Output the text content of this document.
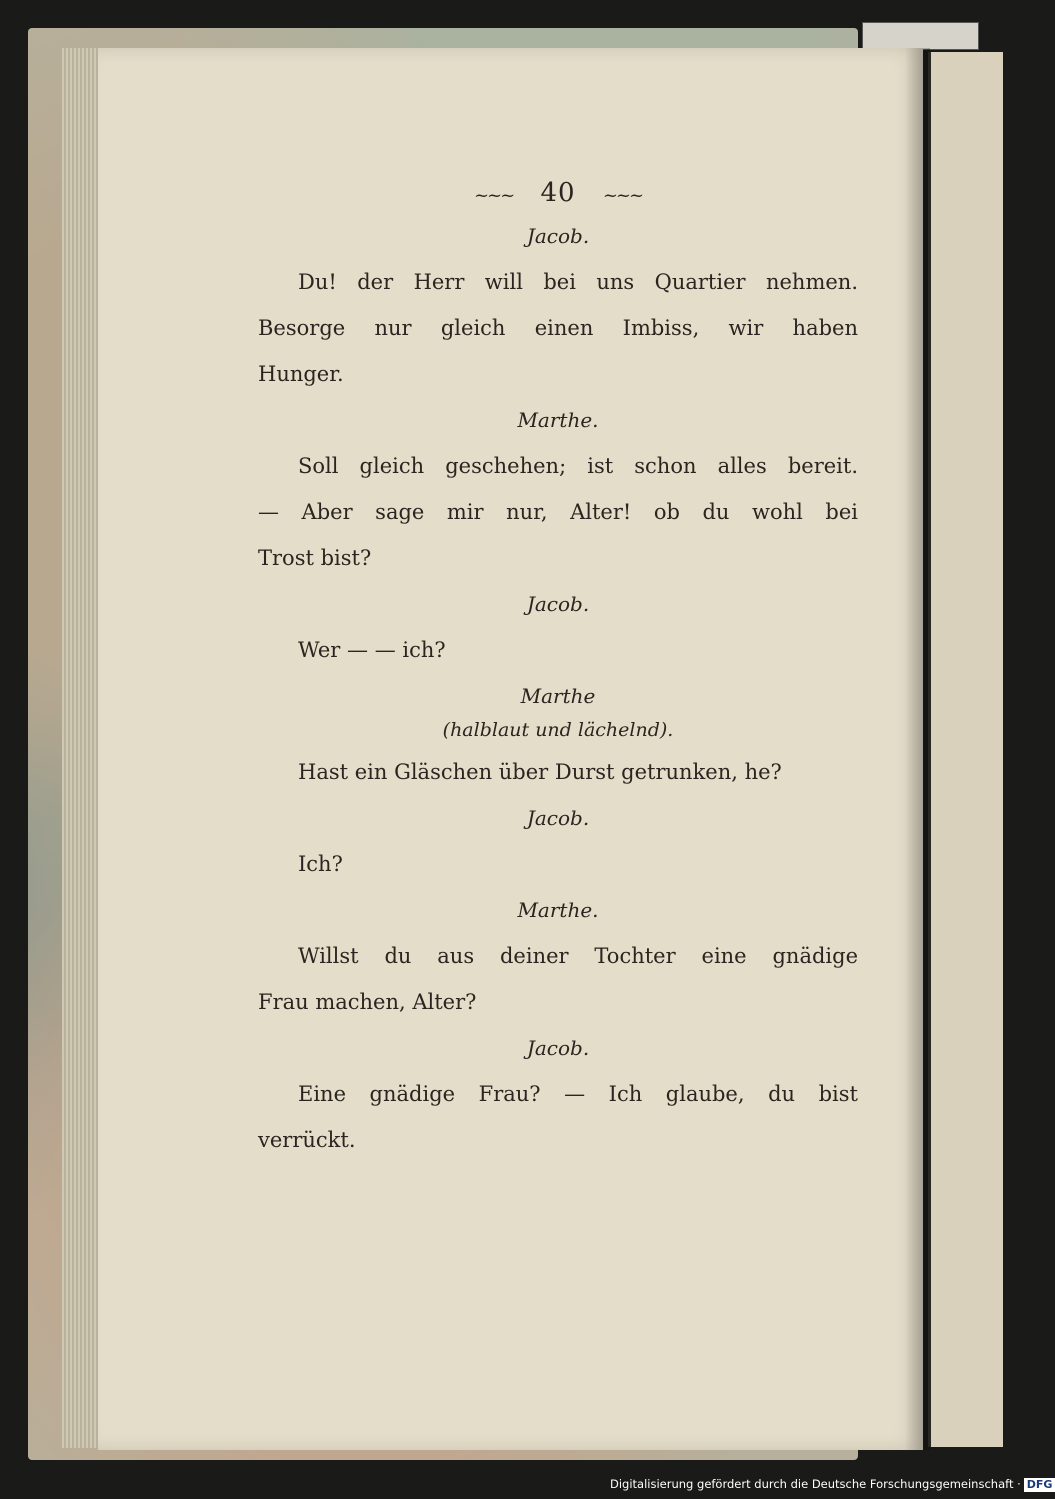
~~~ 40 ~~~
Jacob.
Du! der Herr will bei uns Quartier nehmen.
Besorge nur gleich einen Imbiss, wir haben
Hunger.
Marthe.
Soll gleich geschehen; ist schon alles bereit.
— Aber sage mir nur, Alter! ob du wohl bei
Trost bist?
Jacob.
Wer — — ich?
Marthe
(halblaut und lächelnd).
Hast ein Gläschen über Durst getrunken, he?
Jacob.
Ich?
Marthe.
Willst du aus deiner Tochter eine gnädige
Frau machen, Alter?
Jacob.
Eine gnädige Frau? — Ich glaube, du bist
verrückt.
Digitalisierung gefördert durch die Deutsche Forschungsgemeinschaft · DFG
